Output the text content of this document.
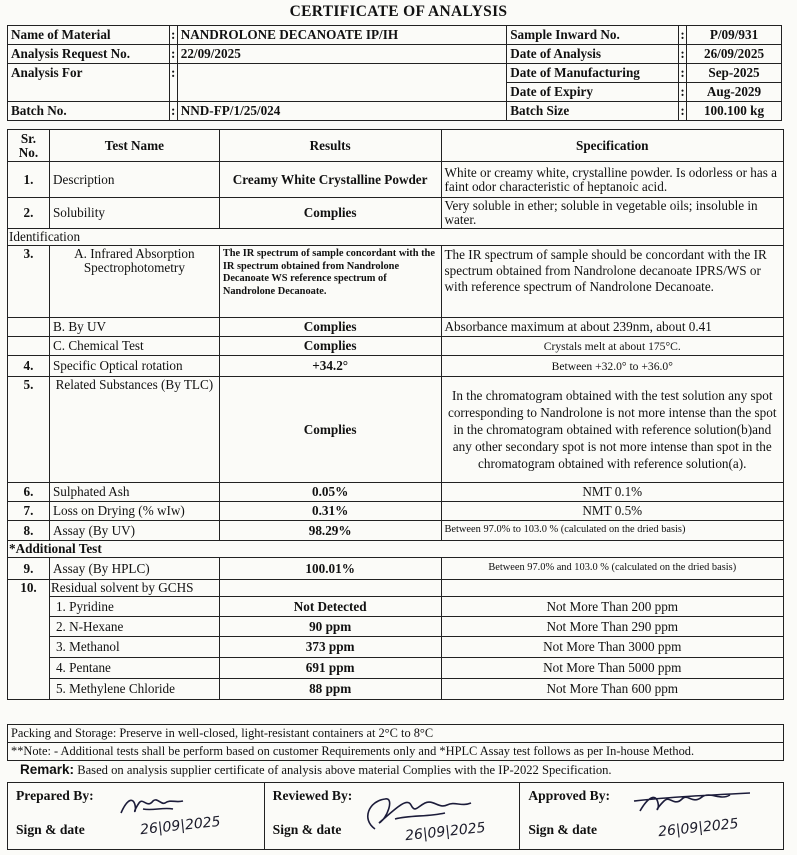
CERTIFICATE OF ANALYSIS
Name of Material	:	NANDROLONE DECANOATE IP/IH	Sample Inward No.	:	P/09/931
Analysis Request No.	:	22/09/2025	Date of Analysis	:	26/09/2025
Analysis For	:		Date of Manufacturing	:	Sep-2025
			Date of Expiry	:	Aug-2029
Batch No.	:	NND-FP/1/25/024	Batch Size	:	100.100 kg
Sr. No.	Test Name	Results	Specification
1.	Description	Creamy White Crystalline Powder	White or creamy white, crystalline powder. Is odorless or has a faint odor characteristic of heptanoic acid.
2.	Solubility	Complies	Very soluble in ether; soluble in vegetable oils; insoluble in water.
Identification			
3.	A. Infrared Absorption Spectrophotometry	The IR spectrum of sample concordant with the IR spectrum obtained from Nandrolone Decanoate WS reference spectrum of Nandrolone Decanoate.	The IR spectrum of sample should be concordant with the IR spectrum obtained from Nandrolone decanoate IPRS/WS or with reference spectrum of Nandrolone Decanoate.
	B. By UV	Complies	Absorbance maximum at about 239nm, about 0.41
	C. Chemical Test	Complies	Crystals melt at about 175°C.
4.	Specific Optical rotation	+34.2°	Between +32.0° to +36.0°
5.	Related Substances (By TLC)	Complies	In the chromatogram obtained with the test solution any spot corresponding to Nandrolone is not more intense than the spot in the chromatogram obtained with reference solution(b)and any other secondary spot is not more intense than spot in the chromatogram obtained with reference solution(a).
6.	Sulphated Ash	0.05%	NMT 0.1%
7.	Loss on Drying (% wIw)	0.31%	NMT 0.5%
8.	Assay (By UV)	98.29%	Between 97.0% to 103.0 % (calculated on the dried basis)
*Additional Test			
9.	Assay (By HPLC)	100.01%	Between 97.0% and 103.0 % (calculated on the dried basis)
10.	Residual solvent by GCHS		
	1. Pyridine	Not Detected	Not More Than 200 ppm
	2. N-Hexane	90 ppm	Not More Than 290 ppm
	3. Methanol	373 ppm	Not More Than 3000 ppm
	4. Pentane	691 ppm	Not More Than 5000 ppm
	5. Methylene Chloride	88 ppm	Not More Than 600 ppm
Packing and Storage: Preserve in well-closed, light-resistant containers at 2°C to 8°C
**Note: - Additional tests shall be perform based on customer Requirements only and *HPLC Assay test follows as per In-house Method.
Remark: Based on analysis supplier certificate of analysis above material Complies with the IP-2022 Specification.
Prepared By:
Sign & date	26|09|2025

Reviewed By:
Sign & date	26|09|2025

Approved By:
Sign & date	26|09|2025
